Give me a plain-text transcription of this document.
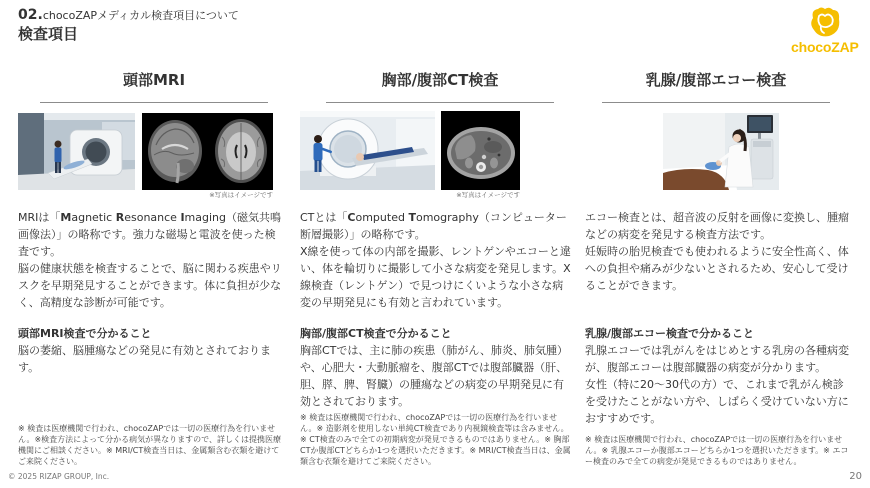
02.chocoZAPメディカル検査項目について
検査項目
chocoZAP
頭部MRI
※写真はイメージです

MRIは「Magnetic Resonance Imaging（磁気共鳴画像法）」の略称です。強力な磁場と電波を使った検査です。

脳の健康状態を検査することで、脳に関わる疾患やリスクを早期発見することができます。体に負担が少なく、高精度な診断が可能です。

頭部MRI検査で分かること

脳の萎縮、脳腫瘍などの発見に有効とされております。

※ 検査は医療機関で行われ、chocoZAPでは一切の医療行為を行いません。※検査方法によって分かる病気が異なりますので、詳しくは提携医療機関にご相談ください。※ MRI/CT検査当日は、金属類含む衣類を避けてご来院ください。
胸部/腹部CT検査
※写真はイメージです

CTとは「Computed Tomography（コンピューター断層撮影）」の略称です。

X線を使って体の内部を撮影、レントゲンやエコーと違い、体を輪切りに撮影して小さな病変を発見します。X線検査（レントゲン）で見つけにくいような小さな病変の早期発見にも有効と言われています。

胸部/腹部CT検査で分かること

胸部CTでは、主に肺の疾患（肺がん、肺炎、肺気腫）や、心肥大・大動脈瘤を、腹部CTでは腹部臓器（肝、胆、膵、脾、腎臓）の腫瘍などの病変の早期発見に有効とされております。

※ 検査は医療機関で行われ、chocoZAPでは一切の医療行為を行いません。※ 造影剤を使用しない単純CT検査であり内視鏡検査等は含みません。※ CT検査のみで全ての初期病変が発見できるものではありません。※ 胸部CTか腹部CTどちらか1つを選択いただきます。※ MRI/CT検査当日は、金属類含む衣類を避けてご来院ください。
乳腺/腹部エコー検査

エコー検査とは、超音波の反射を画像に変換し、腫瘤などの病変を発見する検査方法です。

妊娠時の胎児検査でも使われるように安全性高く、体への負担や痛みが少ないとされるため、安心して受けることができます。

乳腺/腹部エコー検査で分かること

乳腺エコーでは乳がんをはじめとする乳房の各種病変が、腹部エコーは腹部臓器の病変が分かります。

女性（特に20～30代の方）で、これまで乳がん検診を受けたことがない方や、しばらく受けていない方におすすめです。

※ 検査は医療機関で行われ、chocoZAPでは一切の医療行為を行いません。※ 乳腺エコーか腹部エコーどちらか1つを選択いただきます。※ エコー検査のみで全ての病変が発見できるものではありません。
© 2025 RIZAP GROUP, Inc.	20
